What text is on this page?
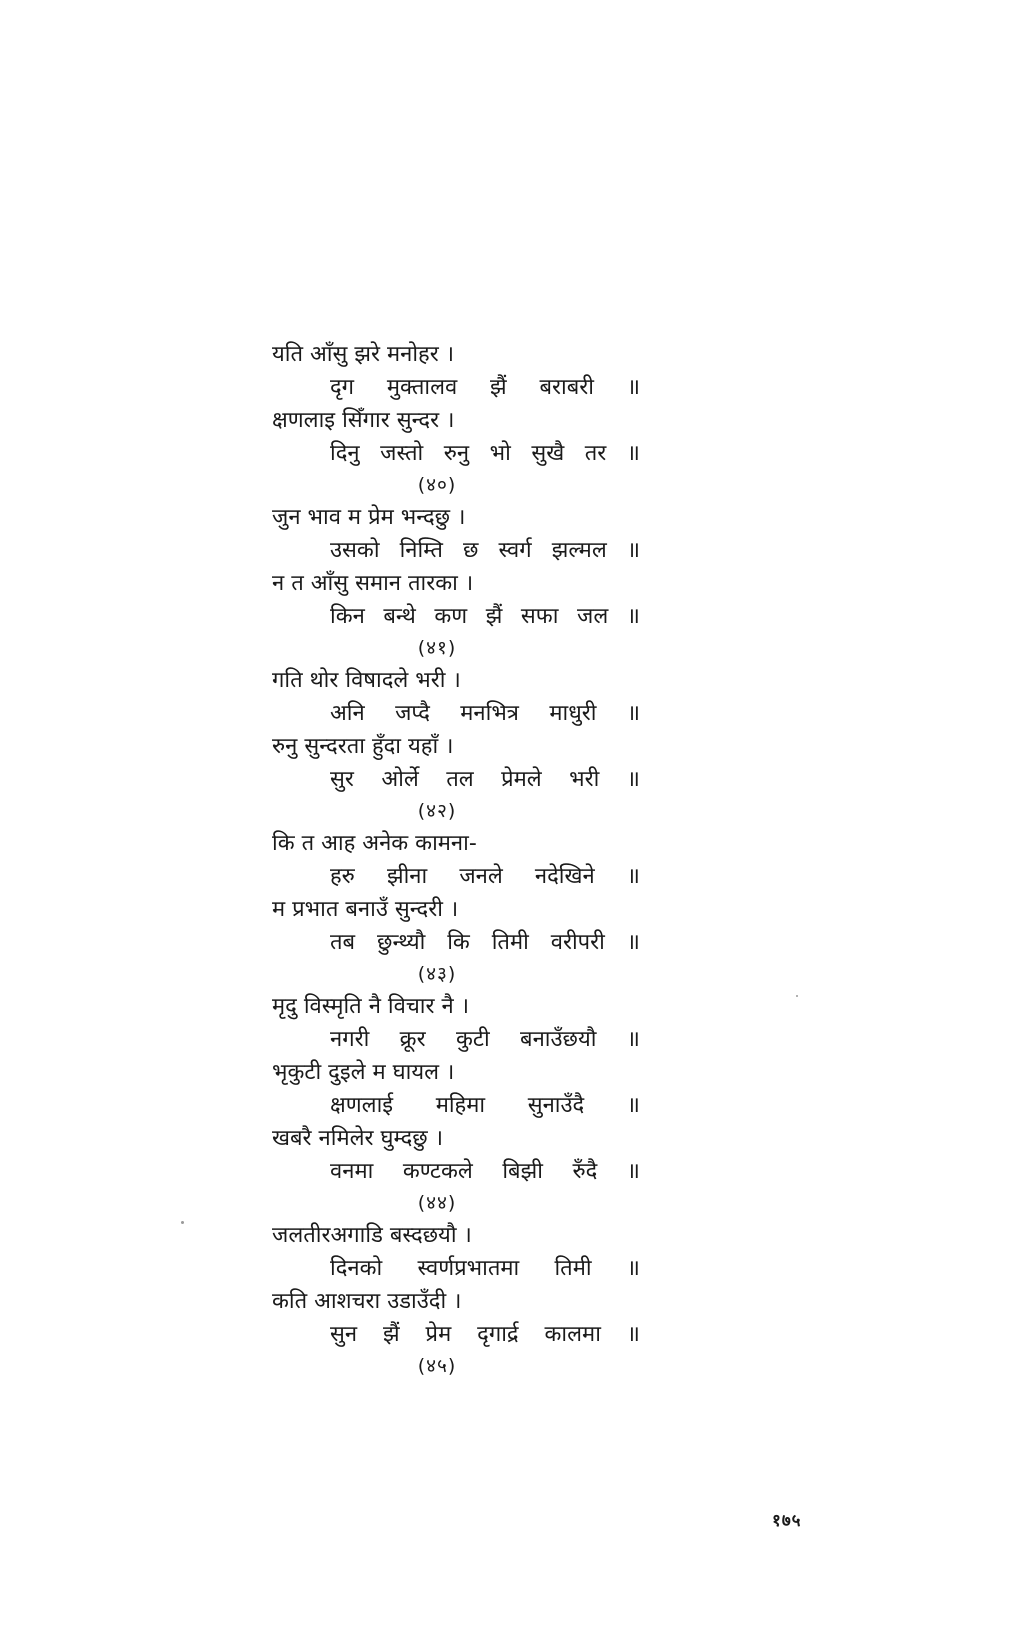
यति आँसु झरे मनोहर ।
दृग मुक्तालव झैं बराबरी ॥
क्षणलाइ सिँगार सुन्दर ।
दिनु जस्तो रुनु भो सुखै तर ॥
(४०)
जुन भाव म प्रेम भन्दछु ।
उसको निम्ति छ स्वर्ग झल्मल ॥
न त आँसु समान तारका ।
किन बन्थे कण झैं सफा जल ॥
(४१)
गति थोर विषादले भरी ।
अनि जप्दै मनभित्र माधुरी ॥
रुनु सुन्दरता हुँदा यहाँ ।
सुर ओर्ले तल प्रेमले भरी ॥
(४२)
कि त आह अनेक कामना-
हरु झीना जनले नदेखिने ॥
म प्रभात बनाउँ सुन्दरी ।
तब छुन्थ्यौ कि तिमी वरीपरी ॥
(४३)
मृदु विस्मृति नै विचार नै ।
नगरी क्रूर कुटी बनाउँछयौ ॥
भृकुटी दुइले म घायल ।
क्षणलाई महिमा सुनाउँदै ॥
खबरै नमिलेर घुम्दछु ।
वनमा कण्टकले बिझी रुँदै ॥
(४४)
जलतीरअगाडि बस्दछयौ ।
दिनको स्वर्णप्रभातमा तिमी ॥
कति आशचरा उडाउँदी ।
सुन झैं प्रेम दृगार्द्र कालमा ॥
(४५)
१७५
